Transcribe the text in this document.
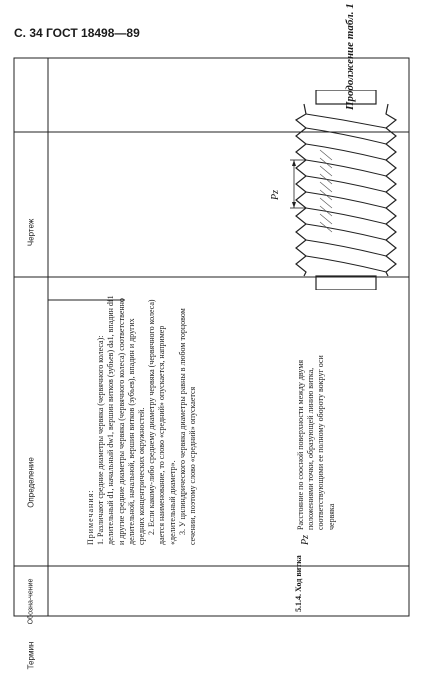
С. 34 ГОСТ 18498—89
Чертеж
Определение
Обозна-чение
Термин
Продолжение табл. 1
Примечания: 1. Различают средние диаметры червяка (червячного колеса): делительный d1, начальный dw1, вершин витков (зубьев) da1, впадин df1 и другие средние диаметры червяка (червячного колеса) соответственно делительной, начальной, вершин витков (зубьев), впадин и других средних концентрических окружностей. 2. Если какому-либо среднему диаметру червяка (червячного колеса) дается наименование, то слово «средний» опускается, например «делительный диаметр». 3. У цилиндрического червяка диаметры равны в любом торцовом сечении, поэтому слово «средний» опускается
5.1.4. Ход витка
Pz
Расстояние по соосной поверхности между двумя положениями точки, образующей линию витка, соответствующими ее полному обороту вокруг оси червяка
Pz
